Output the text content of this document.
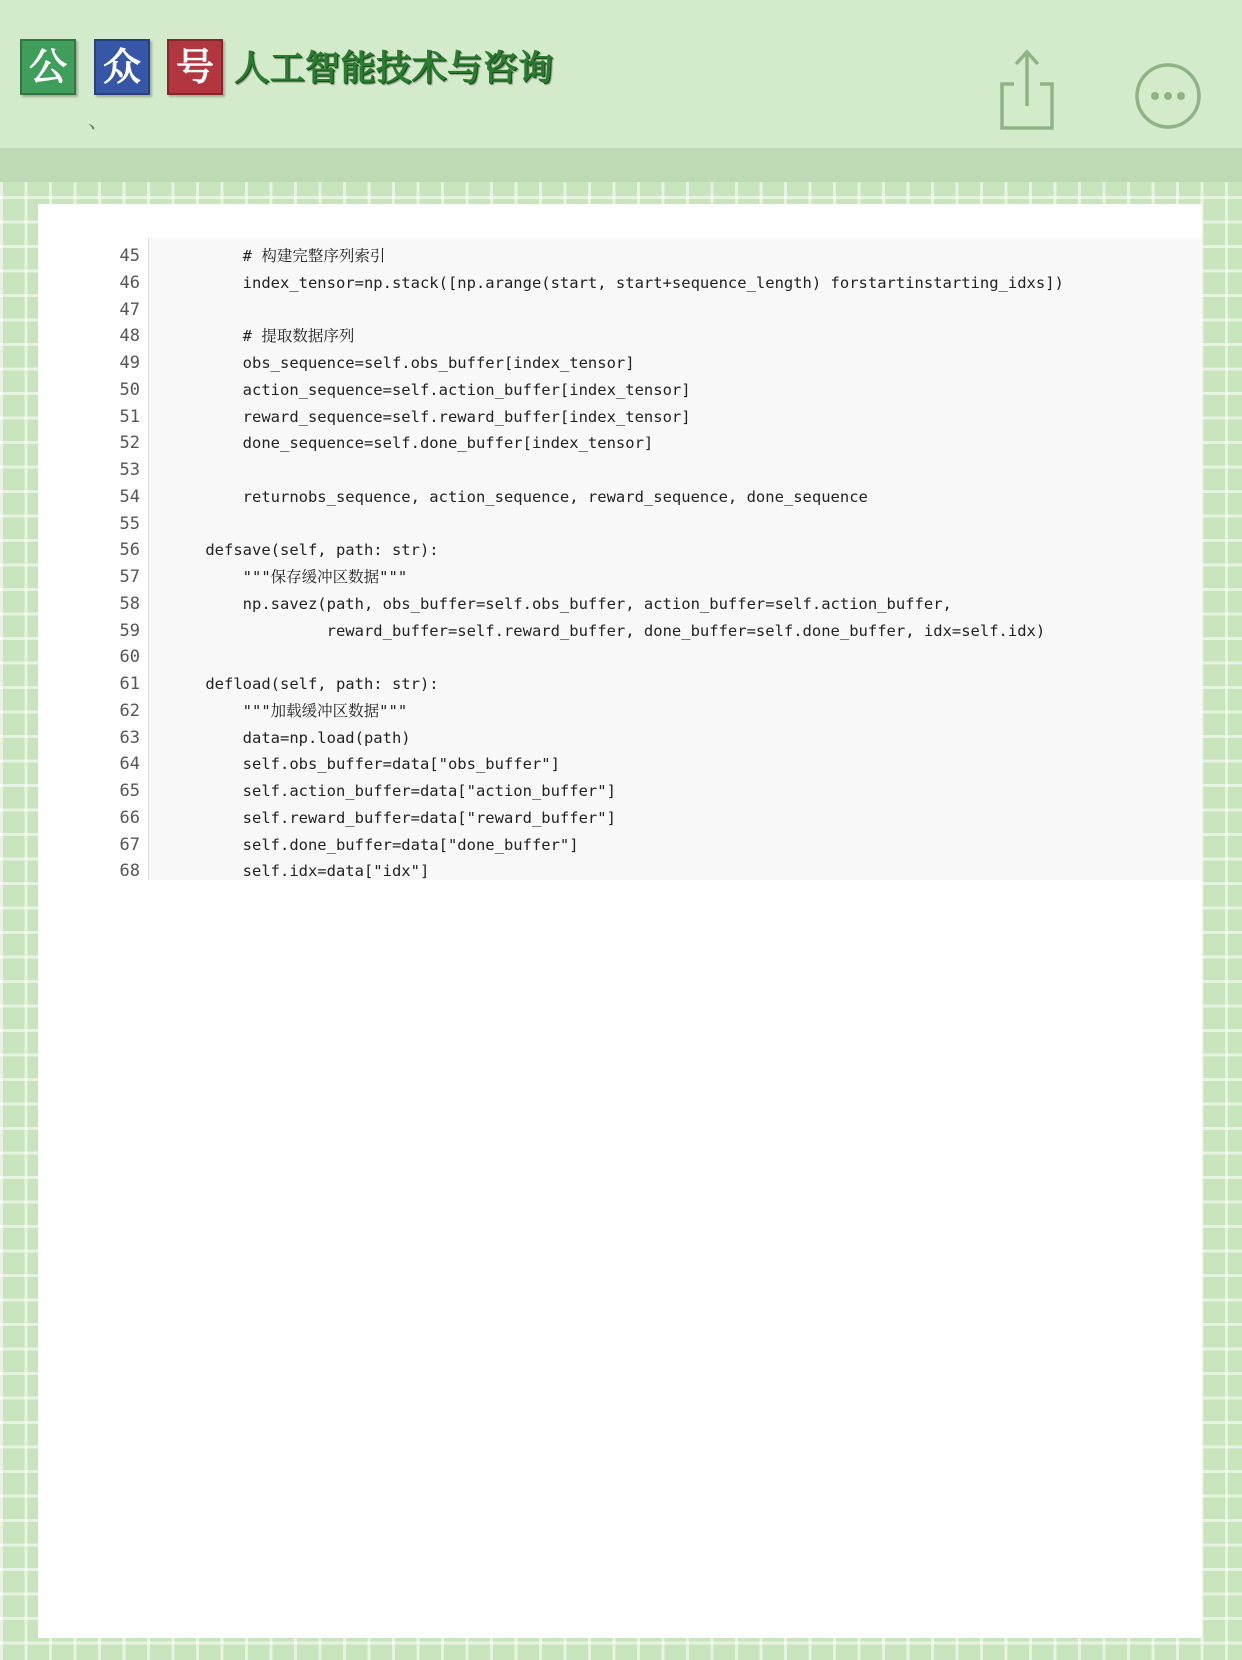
公 众 号 人工智能技术与咨询
、
45 # 构建完整序列索引
46 index_tensor=np.stack([np.arange(start, start+sequence_length) forstartinstarting_idxs])
47
48 # 提取数据序列
49 obs_sequence=self.obs_buffer[index_tensor]
50 action_sequence=self.action_buffer[index_tensor]
51 reward_sequence=self.reward_buffer[index_tensor]
52 done_sequence=self.done_buffer[index_tensor]
53
54 returnobs_sequence, action_sequence, reward_sequence, done_sequence
55
56 defsave(self, path: str):
57 """保存缓冲区数据"""
58 np.savez(path, obs_buffer=self.obs_buffer, action_buffer=self.action_buffer,
59 reward_buffer=self.reward_buffer, done_buffer=self.done_buffer, idx=self.idx)
60
61 defload(self, path: str):
62 """加载缓冲区数据"""
63 data=np.load(path)
64 self.obs_buffer=data["obs_buffer"]
65 self.action_buffer=data["action_buffer"]
66 self.reward_buffer=data["reward_buffer"]
67 self.done_buffer=data["done_buffer"]
68 self.idx=data["idx"]
